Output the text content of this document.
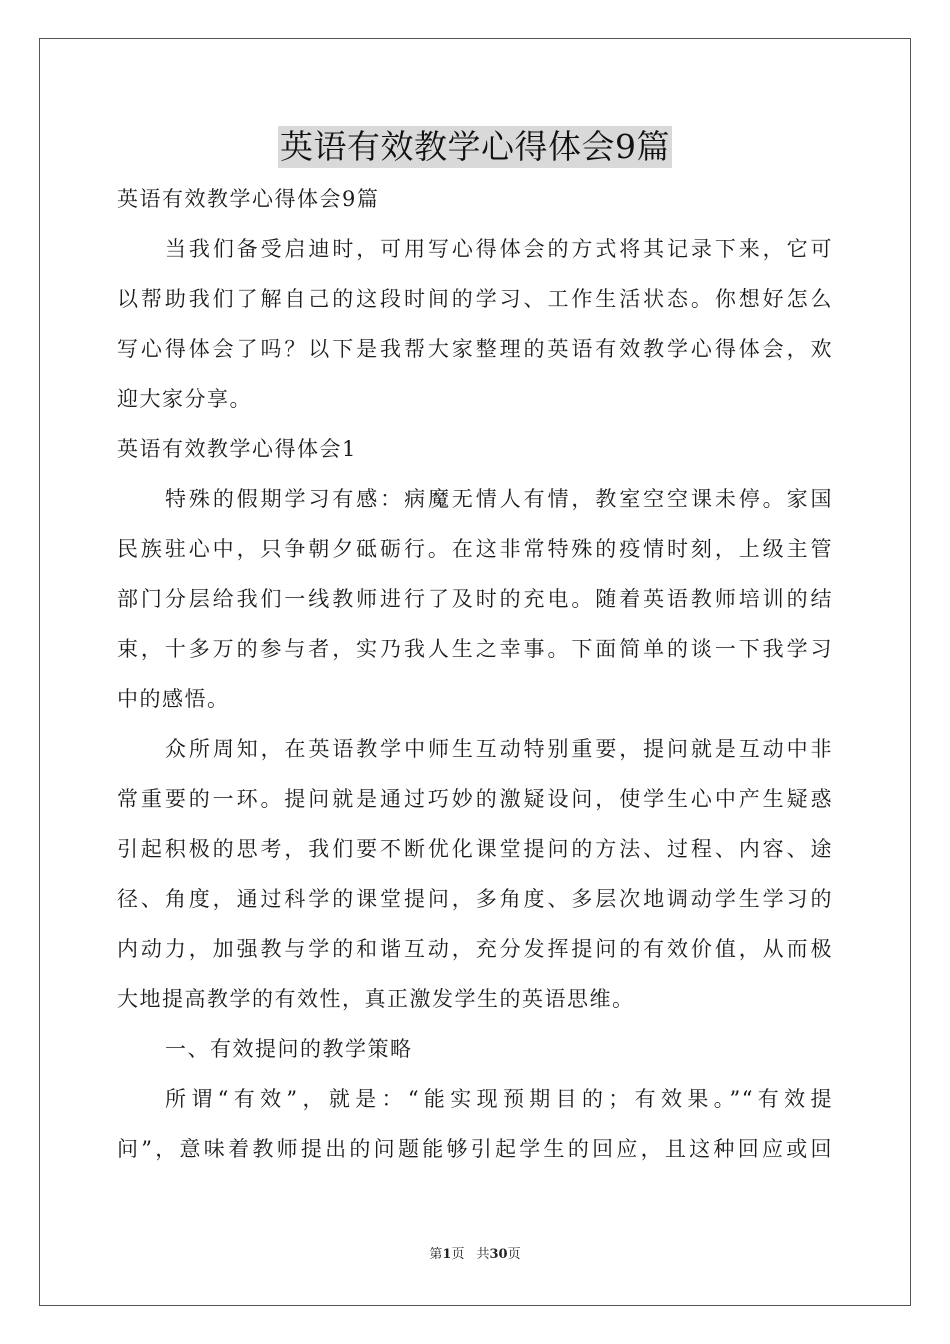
英语有效教学心得体会9篇

英语有效教学心得体会9篇

当我们备受启迪时，可用写心得体会的方式将其记录下来，它可

以帮助我们了解自己的这段时间的学习、工作生活状态。你想好怎么

写心得体会了吗？以下是我帮大家整理的英语有效教学心得体会，欢

迎大家分享。

英语有效教学心得体会1

特殊的假期学习有感：病魔无情人有情，教室空空课未停。家国

民族驻心中，只争朝夕砥砺行。在这非常特殊的疫情时刻，上级主管

部门分层给我们一线教师进行了及时的充电。随着英语教师培训的结

束，十多万的参与者，实乃我人生之幸事。下面简单的谈一下我学习

中的感悟。

众所周知，在英语教学中师生互动特别重要，提问就是互动中非

常重要的一环。提问就是通过巧妙的激疑设问，使学生心中产生疑惑

引起积极的思考，我们要不断优化课堂提问的方法、过程、内容、途

径、角度，通过科学的课堂提问，多角度、多层次地调动学生学习的

内动力，加强教与学的和谐互动，充分发挥提问的有效价值，从而极

大地提高教学的有效性，真正激发学生的英语思维。

一、有效提问的教学策略

所谓“有效”，就是：“能实现预期目的；有效果。”“有效提

问”，意味着教师提出的问题能够引起学生的回应，且这种回应或回

第1页 共30页
